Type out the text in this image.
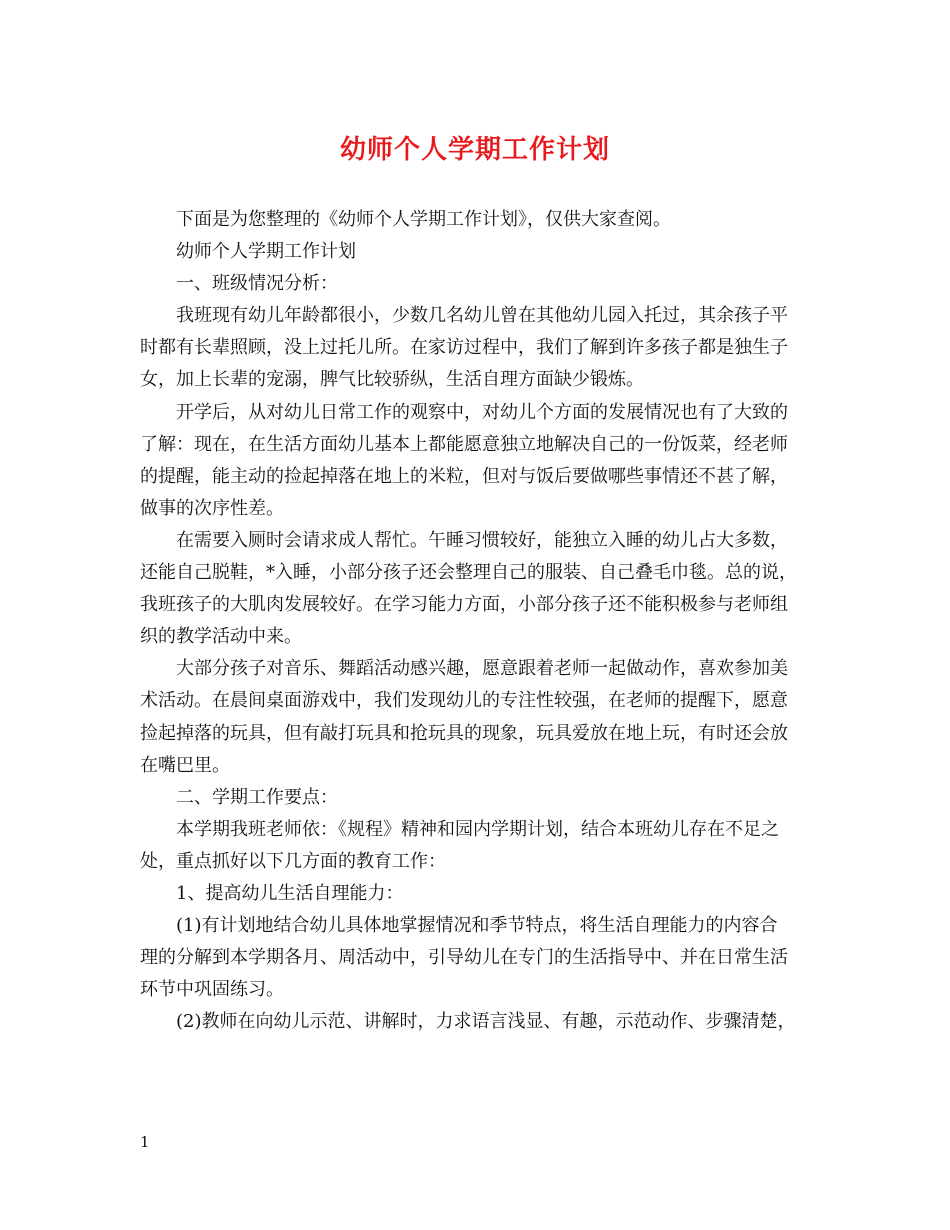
幼师个人学期工作计划

下面是为您整理的《幼师个人学期工作计划》，仅供大家查阅。

幼师个人学期工作计划

一、班级情况分析：

我班现有幼儿年龄都很小，少数几名幼儿曾在其他幼儿园入托过，其余孩子平
时都有长辈照顾，没上过托儿所。在家访过程中，我们了解到许多孩子都是独生子
女，加上长辈的宠溺，脾气比较骄纵，生活自理方面缺少锻炼。

开学后，从对幼儿日常工作的观察中，对幼儿个方面的发展情况也有了大致的
了解：现在，在生活方面幼儿基本上都能愿意独立地解决自己的一份饭菜，经老师
的提醒，能主动的捡起掉落在地上的米粒，但对与饭后要做哪些事情还不甚了解，
做事的次序性差。

在需要入厕时会请求成人帮忙。午睡习惯较好，能独立入睡的幼儿占大多数，
还能自己脱鞋，*入睡，小部分孩子还会整理自己的服装、自己叠毛巾毯。总的说，
我班孩子的大肌肉发展较好。在学习能力方面，小部分孩子还不能积极参与老师组
织的教学活动中来。

大部分孩子对音乐、舞蹈活动感兴趣，愿意跟着老师一起做动作，喜欢参加美
术活动。在晨间桌面游戏中，我们发现幼儿的专注性较强，在老师的提醒下，愿意
捡起掉落的玩具，但有敲打玩具和抢玩具的现象，玩具爱放在地上玩，有时还会放
在嘴巴里。

二、学期工作要点：

本学期我班老师依：《规程》精神和园内学期计划，结合本班幼儿存在不足之
处，重点抓好以下几方面的教育工作：

1、提高幼儿生活自理能力：

(1)有计划地结合幼儿具体地掌握情况和季节特点，将生活自理能力的内容合
理的分解到本学期各月、周活动中，引导幼儿在专门的生活指导中、并在日常生活
环节中巩固练习。

(2)教师在向幼儿示范、讲解时，力求语言浅显、有趣，示范动作、步骤清楚，

1
